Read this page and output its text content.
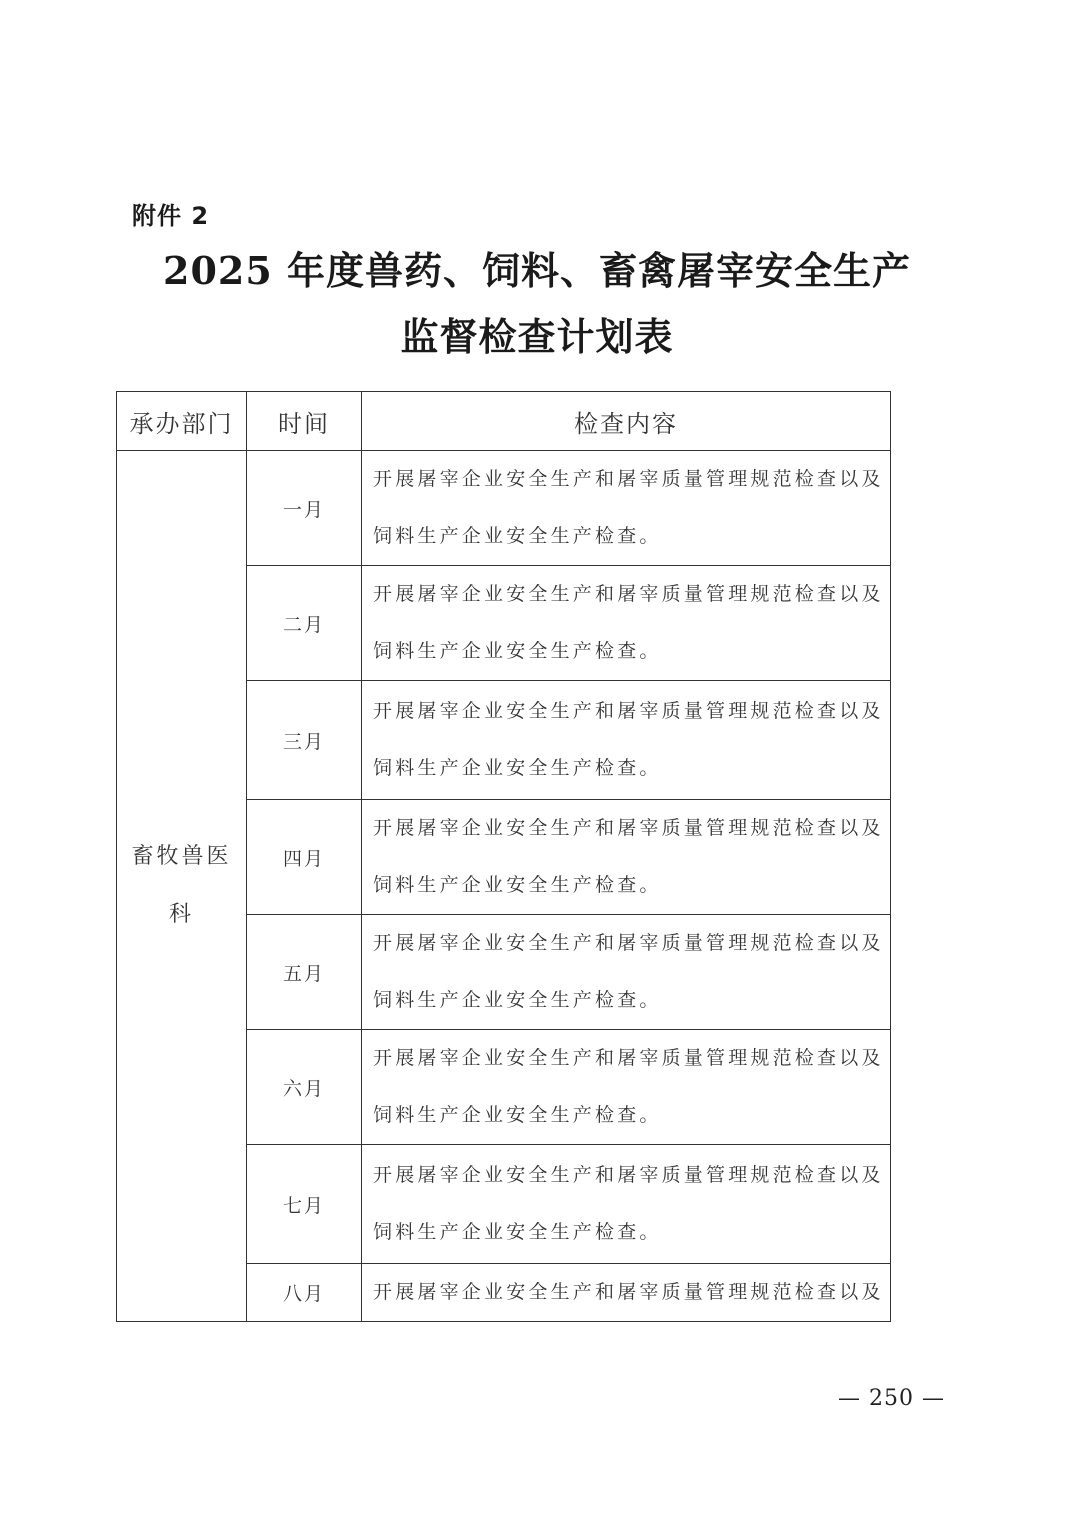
附件 2
2025 年度兽药、饲料、畜禽屠宰安全生产
监督检查计划表
承办部门	时间	检查内容
畜牧兽医科	一月	开展屠宰企业安全生产和屠宰质量管理规范检查以及
饲料生产企业安全生产检查。

	二月	开展屠宰企业安全生产和屠宰质量管理规范检查以及
饲料生产企业安全生产检查。

	三月	开展屠宰企业安全生产和屠宰质量管理规范检查以及
饲料生产企业安全生产检查。

	四月	开展屠宰企业安全生产和屠宰质量管理规范检查以及
饲料生产企业安全生产检查。

	五月	开展屠宰企业安全生产和屠宰质量管理规范检查以及
饲料生产企业安全生产检查。

	六月	开展屠宰企业安全生产和屠宰质量管理规范检查以及
饲料生产企业安全生产检查。

	七月	开展屠宰企业安全生产和屠宰质量管理规范检查以及
饲料生产企业安全生产检查。

	八月	开展屠宰企业安全生产和屠宰质量管理规范检查以及
— 250 —
